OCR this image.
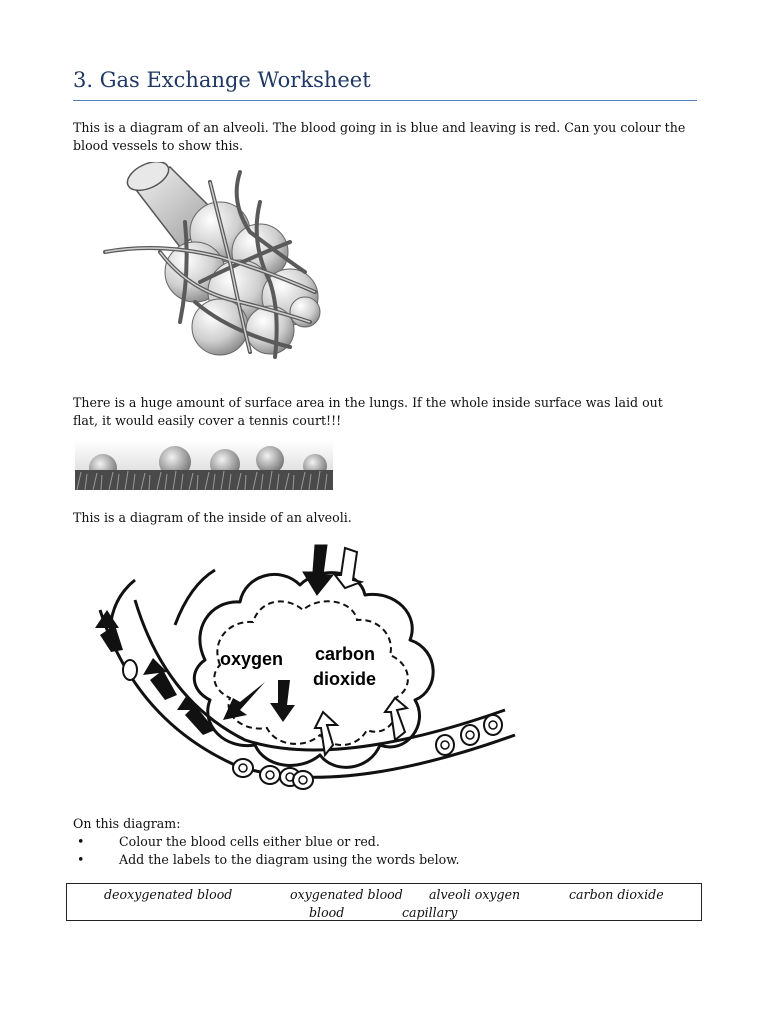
3. Gas Exchange Worksheet
This is a diagram of an alveoli. The blood going in is blue and leaving is red. Can you colour the
blood vessels to show this.
There is a huge amount of surface area in the lungs. If the whole inside surface was laid out
flat, it would easily cover a tennis court!!!
This is a diagram of the inside of an alveoli.
oxygen carbon
dioxide
On this diagram:
•	Colour the blood cells either blue or red.
•	Add the labels to the diagram using the words below.
deoxygenated blood	oxygenated blood alveoli oxygen	carbon dioxide
blood	capillary
